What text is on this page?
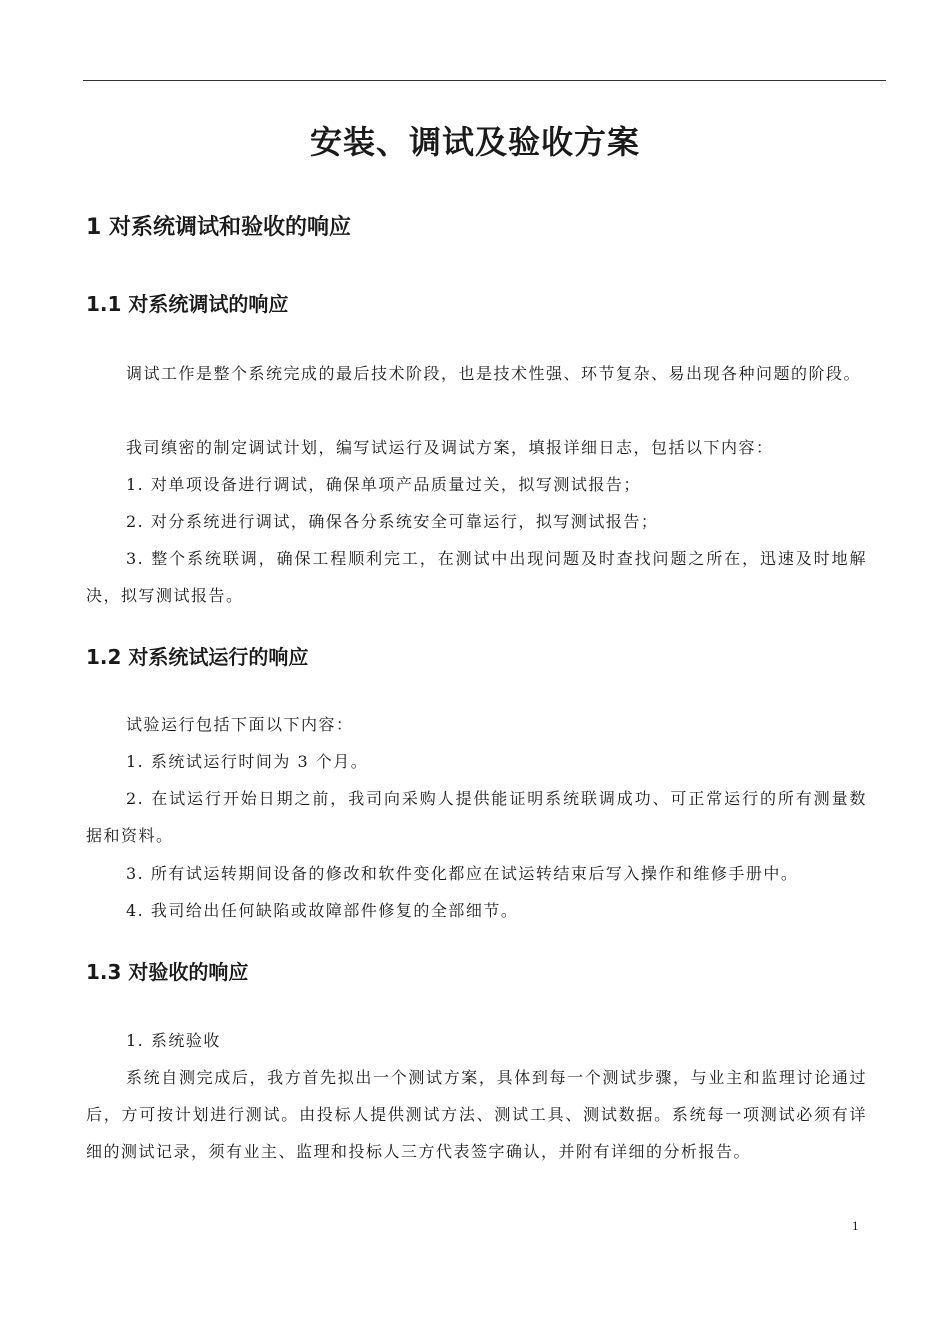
安装、调试及验收方案
1 对系统调试和验收的响应
1.1 对系统调试的响应

调试工作是整个系统完成的最后技术阶段，也是技术性强、环节复杂、易出现各种问题的阶段。

我司缜密的制定调试计划，编写试运行及调试方案，填报详细日志，包括以下内容：

1. 对单项设备进行调试，确保单项产品质量过关，拟写测试报告；

2. 对分系统进行调试，确保各分系统安全可靠运行，拟写测试报告；

3. 整个系统联调，确保工程顺利完工，在测试中出现问题及时查找问题之所在，迅速及时地解决，拟写测试报告。

1.2 对系统试运行的响应

试验运行包括下面以下内容：

1. 系统试运行时间为 3 个月。

2. 在试运行开始日期之前，我司向采购人提供能证明系统联调成功、可正常运行的所有测量数据和资料。

3. 所有试运转期间设备的修改和软件变化都应在试运转结束后写入操作和维修手册中。

4. 我司给出任何缺陷或故障部件修复的全部细节。

1.3 对验收的响应

1. 系统验收

系统自测完成后，我方首先拟出一个测试方案，具体到每一个测试步骤，与业主和监理讨论通过后，方可按计划进行测试。由投标人提供测试方法、测试工具、测试数据。系统每一项测试必须有详细的测试记录，须有业主、监理和投标人三方代表签字确认，并附有详细的分析报告。

1
